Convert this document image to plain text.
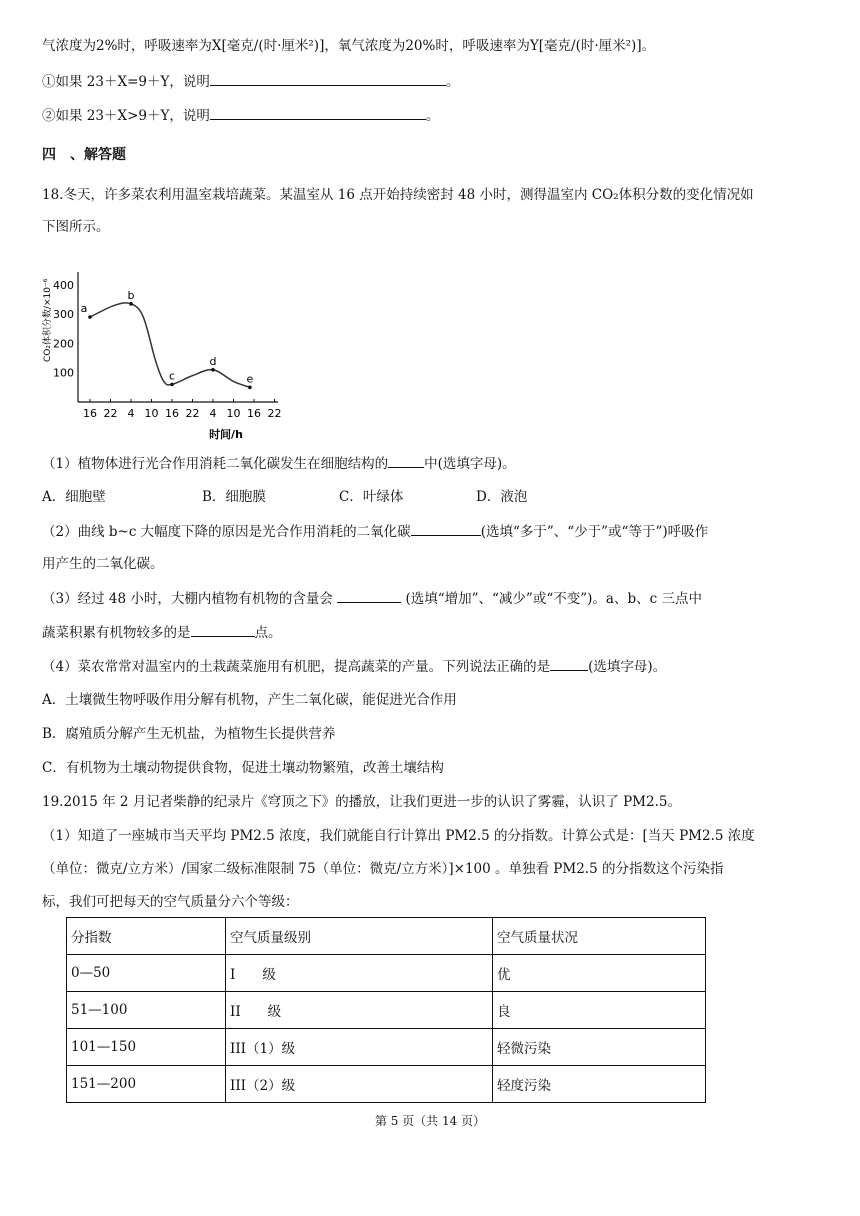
气浓度为2%时，呼吸速率为X[毫克/(时·厘米²)]，氧气浓度为20%时，呼吸速率为Y[毫克/(时·厘米²)]。
①如果 23＋X=9＋Y，说明	。
②如果 23＋X>9＋Y，说明	。
四　、解答题
18.冬天，许多菜农利用温室栽培蔬菜。某温室从 16 点开始持续密封 48 小时，测得温室内 CO₂体积分数的变化情况如
下图所示。
100
200
300
400
16 22 4 10 16 22 4 10 16 22
a
b
c
d
e
CO₂体积分数/×10⁻⁶
时间/h
（1）植物体进行光合作用消耗二氧化碳发生在细胞结构的	中(选填字母)。
A．细胞壁	B．细胞膜	C．叶绿体	D．液泡
（2）曲线 b~c 大幅度下降的原因是光合作用消耗的二氧化碳	(选填“多于”、“少于”或“等于”)呼吸作
用产生的二氧化碳。
（3）经过 48 小时，大棚内植物有机物的含量会	(选填“增加”、“减少”或“不变”)。a、b、c 三点中
蔬菜积累有机物较多的是	点。
（4）菜农常常对温室内的土栽蔬菜施用有机肥，提高蔬菜的产量。下列说法正确的是	(选填字母)。
A．土壤微生物呼吸作用分解有机物，产生二氧化碳，能促进光合作用
B．腐殖质分解产生无机盐，为植物生长提供营养
C．有机物为土壤动物提供食物，促进土壤动物繁殖，改善土壤结构
19.2015 年 2 月记者柴静的纪录片《穹顶之下》的播放，让我们更进一步的认识了雾霾，认识了 PM2.5。
（1）知道了一座城市当天平均 PM2.5 浓度，我们就能自行计算出 PM2.5 的分指数。计算公式是：[当天 PM2.5 浓度
（单位：微克/立方米）/国家二级标准限制 75（单位：微克/立方米）]×100 。单独看 PM2.5 的分指数这个污染指
标，我们可把每天的空气质量分六个等级：
分指数	空气质量级别	空气质量状况
0—50	I　　级	优
51—100	II　　级	良
101—150	III（1）级	轻微污染
151—200	III（2）级	轻度污染
第 5 页（共 14 页）
